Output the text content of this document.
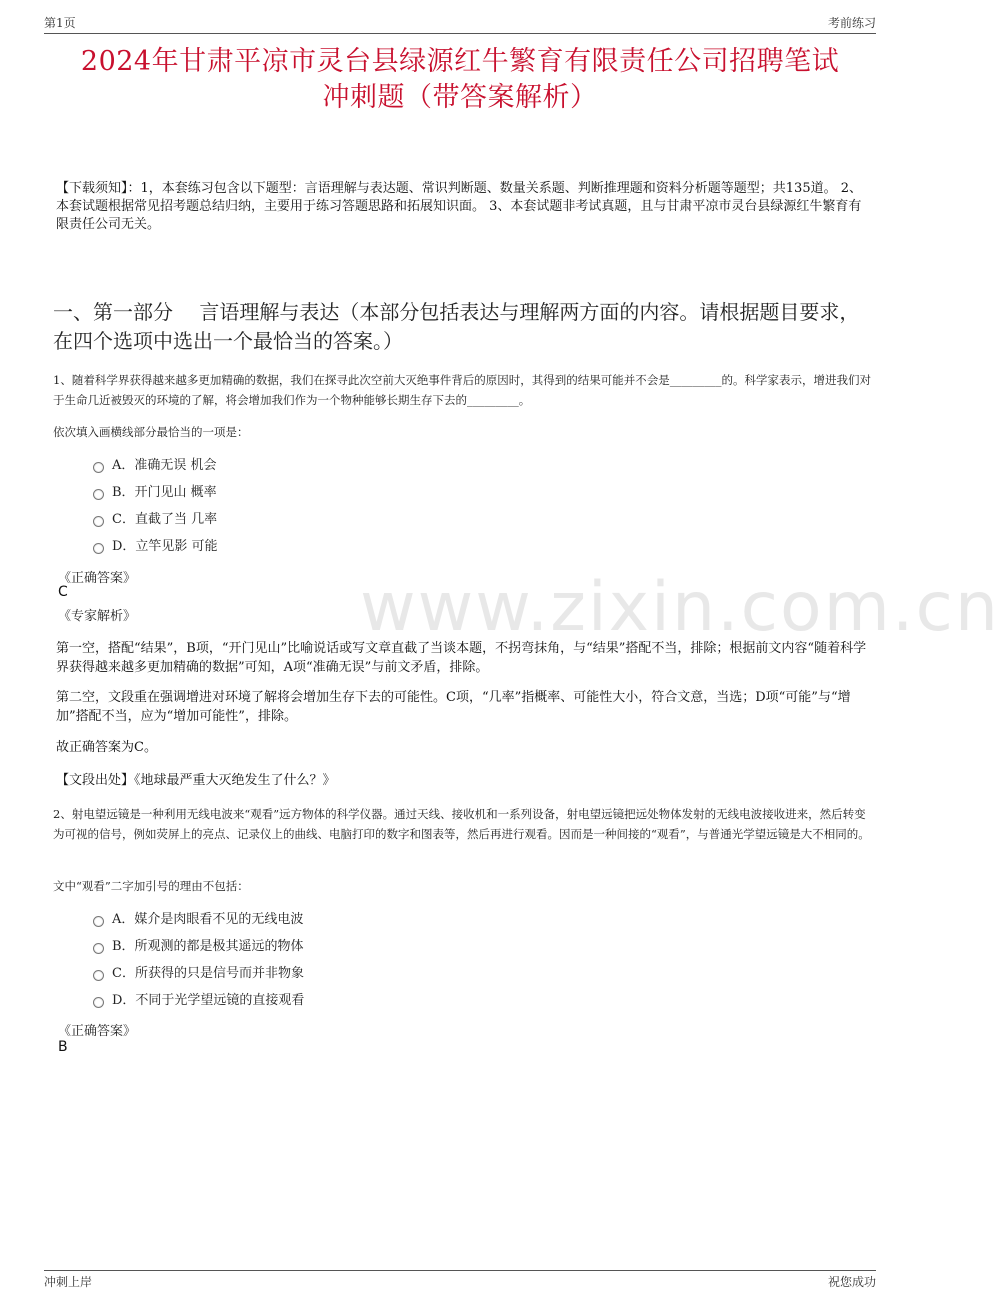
第1页	考前练习
2024年甘肃平凉市灵台县绿源红牛繁育有限责任公司招聘笔试
冲刺题（带答案解析）
【下载须知】：1，本套练习包含以下题型：言语理解与表达题、常识判断题、数量关系题、判断推理题和资料分析题等题型；共135道。 2、本套试题根据常见招考题总结归纳，主要用于练习答题思路和拓展知识面。 3、本套试题非考试真题，且与甘肃平凉市灵台县绿源红牛繁育有限责任公司无关。
一、第一部分　 言语理解与表达（本部分包括表达与理解两方面的内容。请根据题目要求，在四个选项中选出一个最恰当的答案。）
www.zixin.com.cn
1、随着科学界获得越来越多更加精确的数据，我们在探寻此次空前大灭绝事件背后的原因时，其得到的结果可能并不会是_________的。科学家表示，增进我们对于生命几近被毁灭的环境的了解，将会增加我们作为一个物种能够长期生存下去的_________。
依次填入画横线部分最恰当的一项是：
A．准确无误 机会
B．开门见山 概率
C．直截了当 几率
D．立竿见影 可能
《正确答案》
C
《专家解析》
第一空，搭配“结果”，B项，“开门见山”比喻说话或写文章直截了当谈本题，不拐弯抹角，与“结果”搭配不当，排除；根据前文内容“随着科学界获得越来越多更加精确的数据”可知，A项“准确无误”与前文矛盾，排除。
第二空，文段重在强调增进对环境了解将会增加生存下去的可能性。C项，“几率”指概率、可能性大小，符合文意，当选；D项“可能”与“增加”搭配不当，应为“增加可能性”，排除。
故正确答案为C。
【文段出处】《地球最严重大灭绝发生了什么？》
2、射电望远镜是一种利用无线电波来“观看”远方物体的科学仪器。通过天线、接收机和一系列设备，射电望远镜把远处物体发射的无线电波接收进来，然后转变为可视的信号，例如荧屏上的亮点、记录仪上的曲线、电脑打印的数字和图表等，然后再进行观看。因而是一种间接的“观看”，与普通光学望远镜是大不相同的。
文中“观看”二字加引号的理由不包括：
A．媒介是肉眼看不见的无线电波
B．所观测的都是极其遥远的物体
C．所获得的只是信号而并非物象
D．不同于光学望远镜的直接观看
《正确答案》
B
冲刺上岸	祝您成功
